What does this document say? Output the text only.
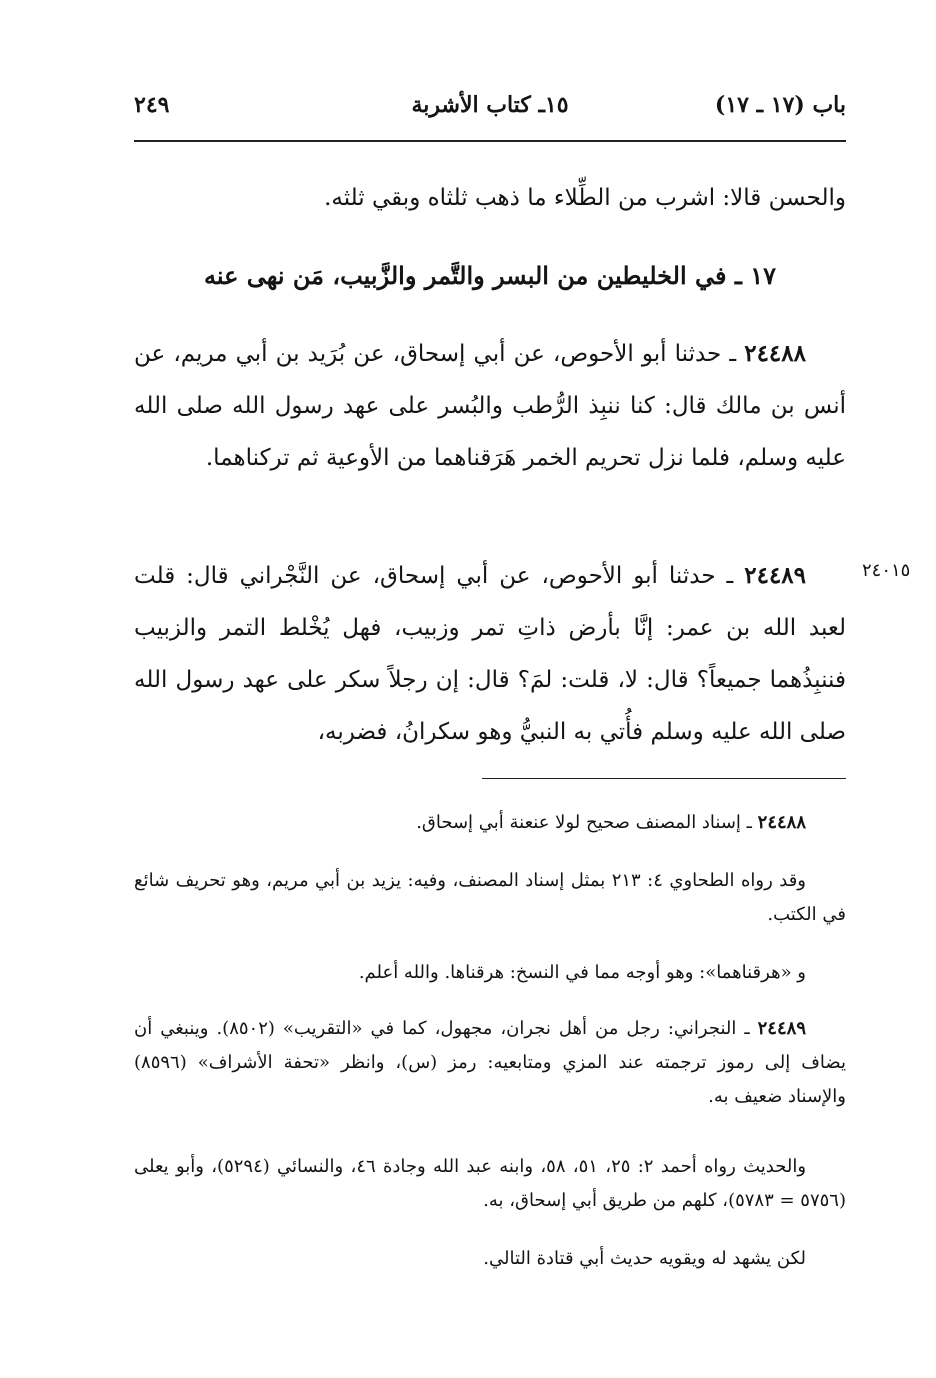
٢٤٩	١٥ـ كتاب الأشربة	باب (١٧ ـ ١٧)
والحسن قالا: اشرب من الطِّلاء ما ذهب ثلثاه وبقي ثلثه.
١٧ ـ في الخليطين من البسر والتَّمر والزَّبيب، مَن نهى عنه
٢٤٤٨٨ ـ حدثنا أبو الأحوص، عن أبي إسحاق، عن بُرَيد بن أبي مريم، عن أنس بن مالك قال: كنا ننبِذ الرُّطب والبُسر على عهد رسول الله صلى الله عليه وسلم، فلما نزل تحريم الخمر هَرَقناهما من الأوعية ثم تركناهما.
٢٤٠١٥
٢٤٤٨٩ ـ حدثنا أبو الأحوص، عن أبي إسحاق، عن النَّجْراني قال: قلت لعبد الله بن عمر: إنَّا بأرض ذاتِ تمر وزبيب، فهل يُخْلط التمر والزبيب فننبِذُهما جميعاً؟ قال: لا، قلت: لمَ؟ قال: إن رجلاً سكر على عهد رسول الله صلى الله عليه وسلم فأُتي به النبيُّ وهو سكرانُ، فضربه،
٢٤٤٨٨ ـ إسناد المصنف صحيح لولا عنعنة أبي إسحاق.
وقد رواه الطحاوي ٤: ٢١٣ بمثل إسناد المصنف، وفيه: يزيد بن أبي مريم، وهو تحريف شائع في الكتب.
و «هرقناهما»: وهو أوجه مما في النسخ: هرقناها. والله أعلم.
٢٤٤٨٩ ـ النجراني: رجل من أهل نجران، مجهول، كما في «التقريب» (٨٥٠٢). وينبغي أن يضاف إلى رموز ترجمته عند المزي ومتابعيه: رمز (س)، وانظر «تحفة الأشراف» (٨٥٩٦) والإسناد ضعيف به.
والحديث رواه أحمد ٢: ٢٥، ٥١، ٥٨، وابنه عبد الله وجادة ٤٦، والنسائي (٥٢٩٤)، وأبو يعلى (٥٧٥٦ = ٥٧٨٣)، كلهم من طريق أبي إسحاق، به.
لكن يشهد له ويقويه حديث أبي قتادة التالي.
